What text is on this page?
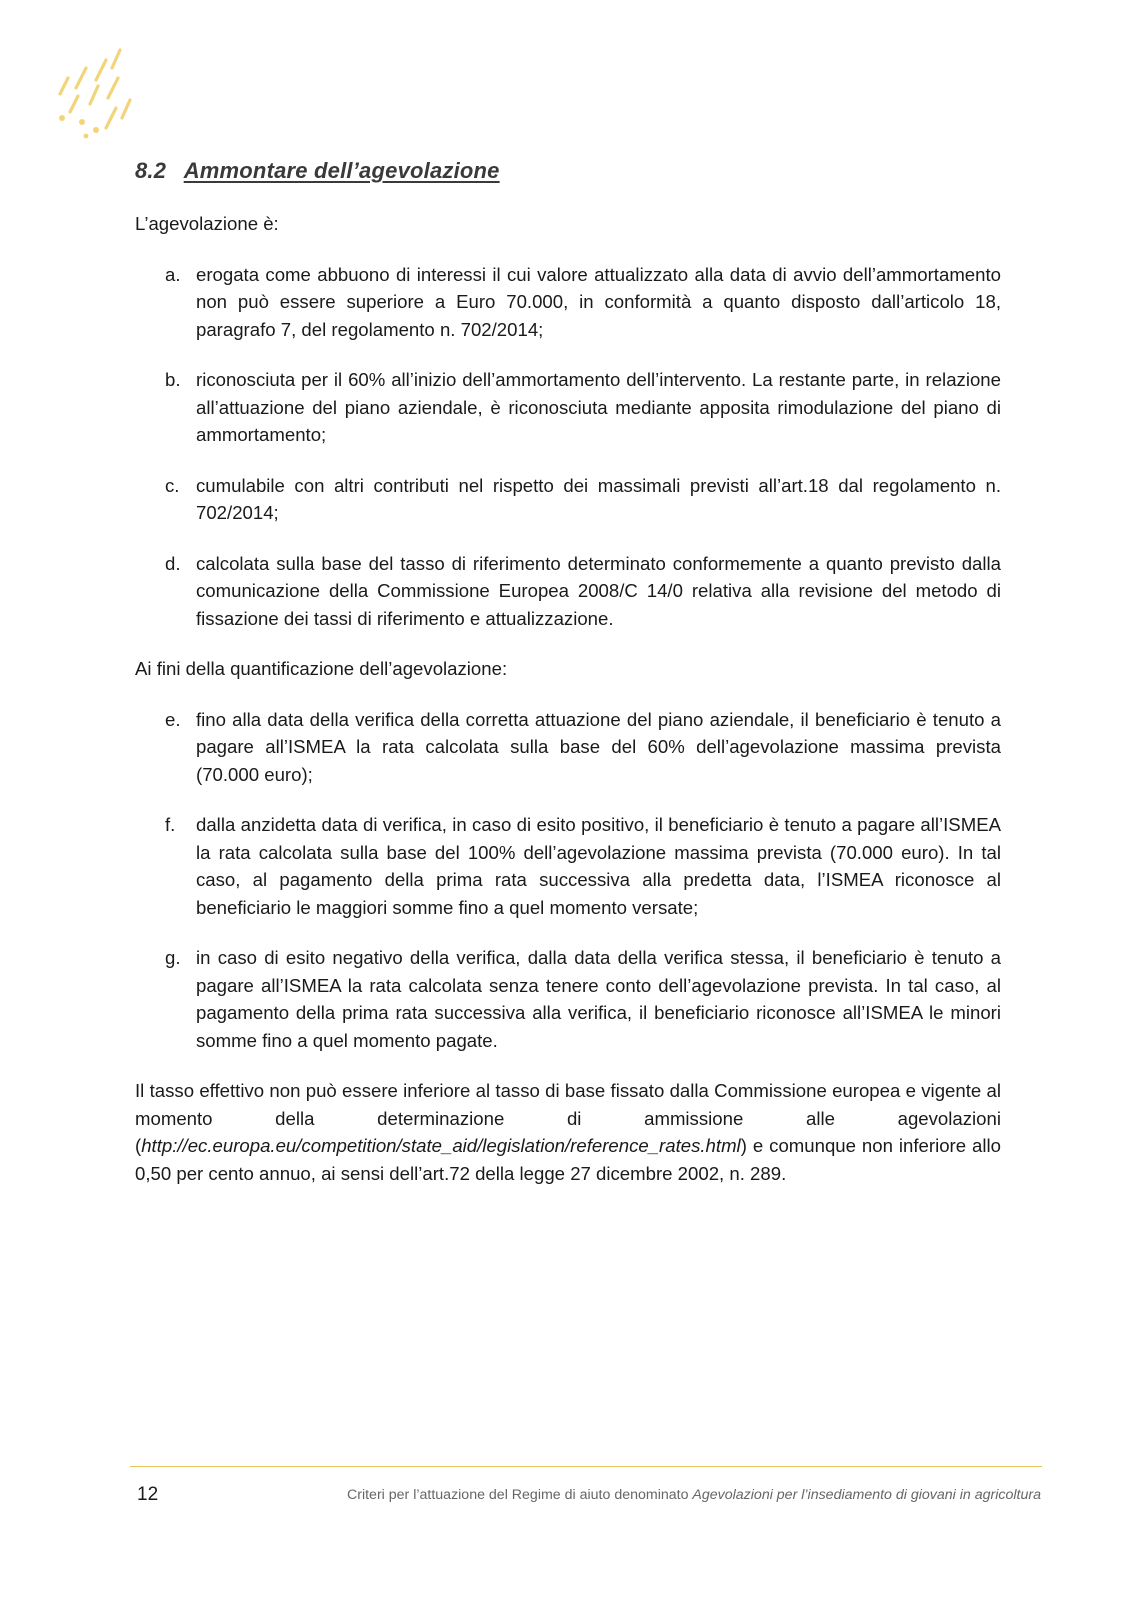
8.2 Ammontare dell’agevolazione

L’agevolazione è:

a. erogata come abbuono di interessi il cui valore attualizzato alla data di avvio dell’ammortamento non può essere superiore a Euro 70.000, in conformità a quanto disposto dall’articolo 18, paragrafo 7, del regolamento n. 702/2014;
b. riconosciuta per il 60% all’inizio dell’ammortamento dell’intervento. La restante parte, in relazione all’attuazione del piano aziendale, è riconosciuta mediante apposita rimodulazione del piano di ammortamento;
c. cumulabile con altri contributi nel rispetto dei massimali previsti all’art.18 dal regolamento n. 702/2014;
d. calcolata sulla base del tasso di riferimento determinato conformemente a quanto previsto dalla comunicazione della Commissione Europea 2008/C 14/0 relativa alla revisione del metodo di fissazione dei tassi di riferimento e attualizzazione.

Ai fini della quantificazione dell’agevolazione:

e. fino alla data della verifica della corretta attuazione del piano aziendale, il beneficiario è tenuto a pagare all’ISMEA la rata calcolata sulla base del 60% dell’agevolazione massima prevista (70.000 euro);
f.	dalla anzidetta data di verifica, in caso di esito positivo, il beneficiario è tenuto a pagare all’ISMEA la rata calcolata sulla base del 100% dell’agevolazione massima prevista (70.000 euro). In tal caso, al pagamento della prima rata successiva alla predetta data, l’ISMEA riconosce al beneficiario le maggiori somme fino a quel momento versate;
g. in caso di esito negativo della verifica, dalla data della verifica stessa, il beneficiario è tenuto a pagare all’ISMEA la rata calcolata senza tenere conto dell’agevolazione prevista. In tal caso, al pagamento della prima rata successiva alla verifica, il beneficiario riconosce all’ISMEA le minori somme fino a quel momento pagate.

Il tasso effettivo non può essere inferiore al tasso di base fissato dalla Commissione europea e vigente al momento della determinazione di ammissione alle agevolazioni (http://ec.europa.eu/competition/state_aid/legislation/reference_rates.html) e comunque non inferiore allo 0,50 per cento annuo, ai sensi dell’art.72 della legge 27 dicembre 2002, n. 289.

12	Criteri per l’attuazione del Regime di aiuto denominato Agevolazioni per l’insediamento di giovani in agricoltura
